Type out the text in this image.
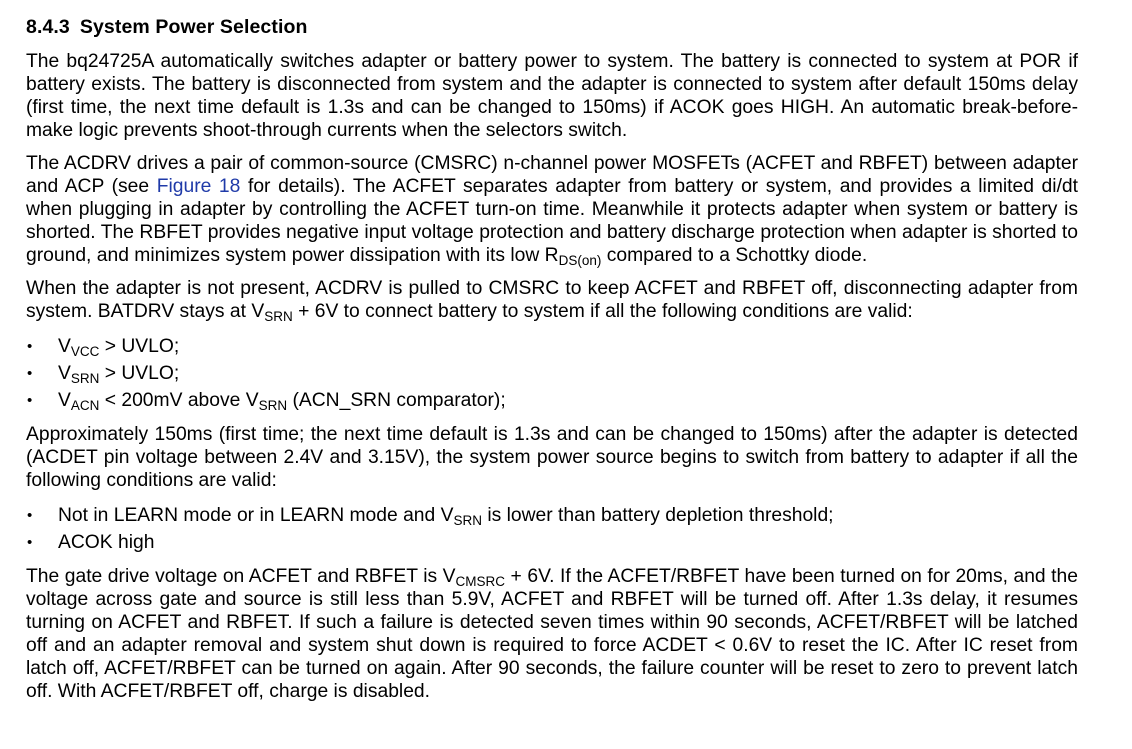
8.4.3 System Power Selection

The bq24725A automatically switches adapter or battery power to system. The battery is connected to system at POR if battery exists. The battery is disconnected from system and the adapter is connected to system after default 150ms delay (first time, the next time default is 1.3s and can be changed to 150ms) if ACOK goes HIGH. An automatic break-before-make logic prevents shoot-through currents when the selectors switch.

The ACDRV drives a pair of common-source (CMSRC) n-channel power MOSFETs (ACFET and RBFET) between adapter and ACP (see Figure 18 for details). The ACFET separates adapter from battery or system, and provides a limited di/dt when plugging in adapter by controlling the ACFET turn-on time. Meanwhile it protects adapter when system or battery is shorted. The RBFET provides negative input voltage protection and battery discharge protection when adapter is shorted to ground, and minimizes system power dissipation with its low $R_{DS(on)}$ compared to a Schottky diode.

When the adapter is not present, ACDRV is pulled to CMSRC to keep ACFET and RBFET off, disconnecting adapter from system. BATDRV stays at $V_{SRN} + 6V$ to connect battery to system if all the following conditions are valid:

• $V_{VCC}$ > UVLO;
• $V_{SRN}$ > UVLO;
• $V_{ACN} < 200mV$ above $V_{SRN}$ (ACN_SRN comparator);

Approximately 150ms (first time; the next time default is 1.3s and can be changed to 150ms) after the adapter is detected (ACDET pin voltage between 2.4V and 3.15V), the system power source begins to switch from battery to adapter if all the following conditions are valid:

• Not in LEARN mode or in LEARN mode and $V_{SRN}$ is lower than battery depletion threshold;
• ACOK high

The gate drive voltage on ACFET and RBFET is $V_{CMSRC} + 6V$. If the ACFET/RBFET have been turned on for 20ms, and the voltage across gate and source is still less than 5.9V, ACFET and RBFET will be turned off. After 1.3s delay, it resumes turning on ACFET and RBFET. If such a failure is detected seven times within 90 seconds, ACFET/RBFET will be latched off and an adapter removal and system shut down is required to force ACDET < 0.6V to reset the IC. After IC reset from latch off, ACFET/RBFET can be turned on again. After 90 seconds, the failure counter will be reset to zero to prevent latch off. With ACFET/RBFET off, charge is disabled.
